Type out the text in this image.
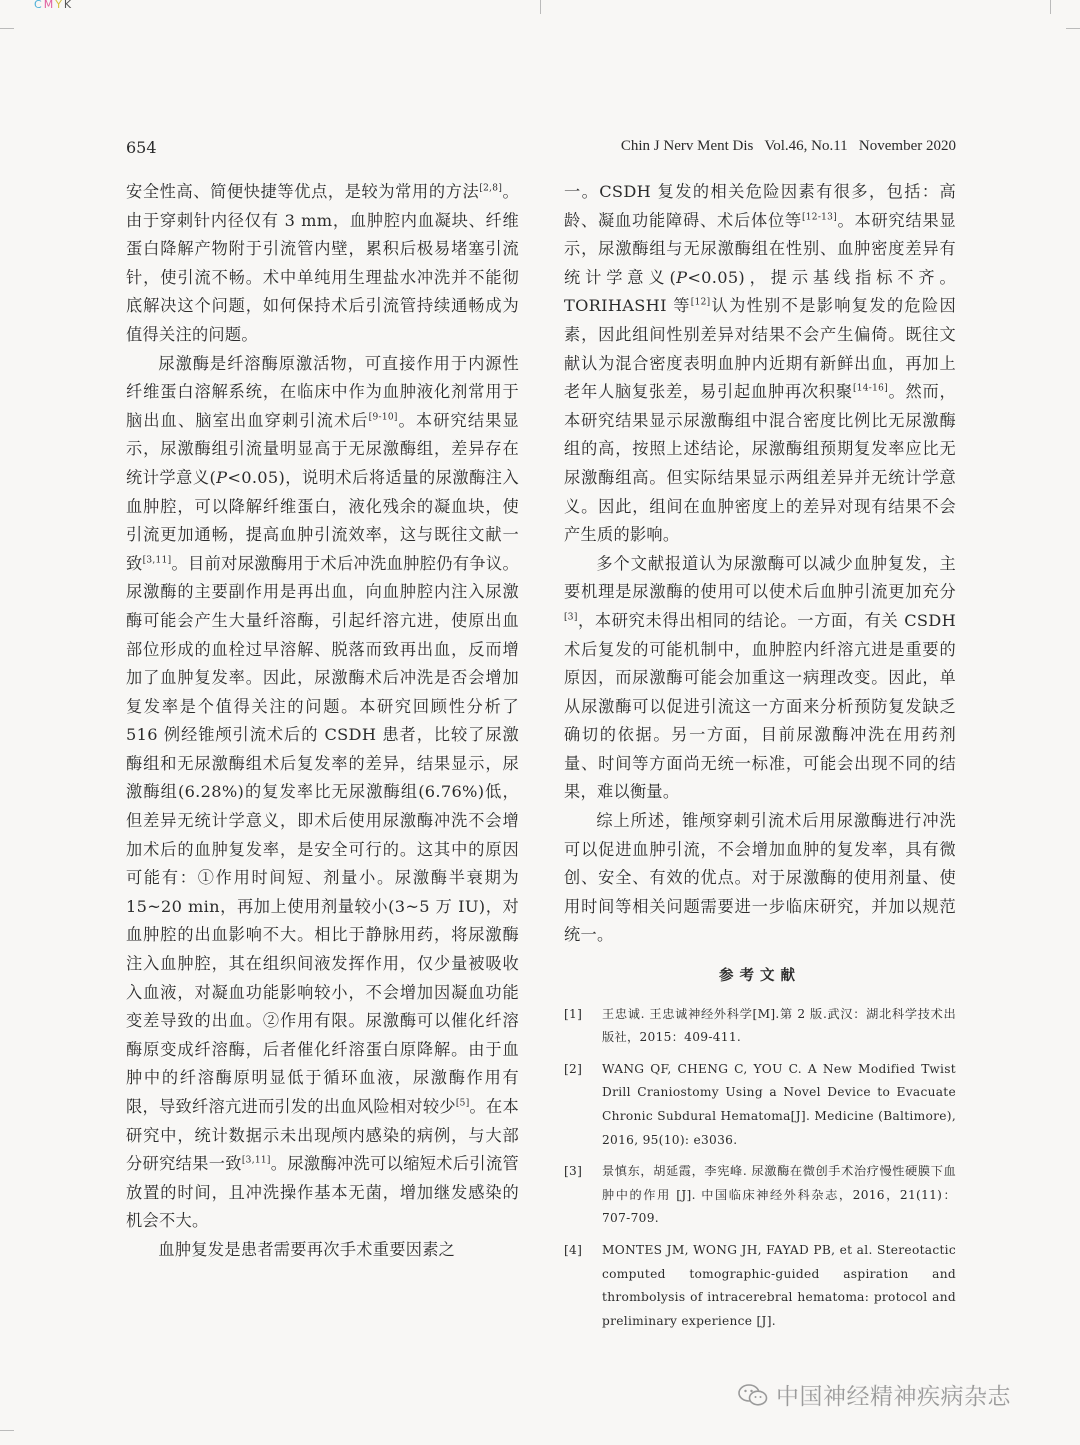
CMYK
654	Chin J Nerv Ment Dis   Vol.46, No.11   November 2020

安全性高、简便快捷等优点，是较为常用的方法[2,8]。由于穿刺针内径仅有 3 mm，血肿腔内血凝块、纤维蛋白降解产物附于引流管内壁，累积后极易堵塞引流针，使引流不畅。术中单纯用生理盐水冲洗并不能彻底解决这个问题，如何保持术后引流管持续通畅成为值得关注的问题。

尿激酶是纤溶酶原激活物，可直接作用于内源性纤维蛋白溶解系统，在临床中作为血肿液化剂常用于脑出血、脑室出血穿刺引流术后[9-10]。本研究结果显示，尿激酶组引流量明显高于无尿激酶组，差异存在统计学意义(P<0.05)，说明术后将适量的尿激酶注入血肿腔，可以降解纤维蛋白，液化残余的凝血块，使引流更加通畅，提高血肿引流效率，这与既往文献一致[3,11]。目前对尿激酶用于术后冲洗血肿腔仍有争议。尿激酶的主要副作用是再出血，向血肿腔内注入尿激酶可能会产生大量纤溶酶，引起纤溶亢进，使原出血部位形成的血栓过早溶解、脱落而致再出血，反而增加了血肿复发率。因此，尿激酶术后冲洗是否会增加复发率是个值得关注的问题。本研究回顾性分析了 516 例经锥颅引流术后的 CSDH 患者，比较了尿激酶组和无尿激酶组术后复发率的差异，结果显示，尿激酶组(6.28%)的复发率比无尿激酶组(6.76%)低，但差异无统计学意义，即术后使用尿激酶冲洗不会增加术后的血肿复发率，是安全可行的。这其中的原因可能有：①作用时间短、剂量小。尿激酶半衰期为 15~20 min，再加上使用剂量较小(3~5 万 IU)，对血肿腔的出血影响不大。相比于静脉用药，将尿激酶注入血肿腔，其在组织间液发挥作用，仅少量被吸收入血液，对凝血功能影响较小，不会增加因凝血功能变差导致的出血。②作用有限。尿激酶可以催化纤溶酶原变成纤溶酶，后者催化纤溶蛋白原降解。由于血肿中的纤溶酶原明显低于循环血液，尿激酶作用有限，导致纤溶亢进而引发的出血风险相对较少[5]。在本研究中，统计数据示未出现颅内感染的病例，与大部分研究结果一致[3,11]。尿激酶冲洗可以缩短术后引流管放置的时间，且冲洗操作基本无菌，增加继发感染的机会不大。

血肿复发是患者需要再次手术重要因素之

一。CSDH 复发的相关危险因素有很多，包括：高龄、凝血功能障碍、术后体位等[12-13]。本研究结果显示，尿激酶组与无尿激酶组在性别、血肿密度差异有统计学意义(P<0.05)，提示基线指标不齐。TORIHASHI 等[12]认为性别不是影响复发的危险因素，因此组间性别差异对结果不会产生偏倚。既往文献认为混合密度表明血肿内近期有新鲜出血，再加上老年人脑复张差，易引起血肿再次积聚[14-16]。然而，本研究结果显示尿激酶组中混合密度比例比无尿激酶组的高，按照上述结论，尿激酶组预期复发率应比无尿激酶组高。但实际结果显示两组差异并无统计学意义。因此，组间在血肿密度上的差异对现有结果不会产生质的影响。

多个文献报道认为尿激酶可以减少血肿复发，主要机理是尿激酶的使用可以使术后血肿引流更加充分[3]，本研究未得出相同的结论。一方面，有关 CSDH 术后复发的可能机制中，血肿腔内纤溶亢进是重要的原因，而尿激酶可能会加重这一病理改变。因此，单从尿激酶可以促进引流这一方面来分析预防复发缺乏确切的依据。另一方面，目前尿激酶冲洗在用药剂量、时间等方面尚无统一标准，可能会出现不同的结果，难以衡量。

综上所述，锥颅穿刺引流术后用尿激酶进行冲洗可以促进血肿引流，不会增加血肿的复发率，具有微创、安全、有效的优点。对于尿激酶的使用剂量、使用时间等相关问题需要进一步临床研究，并加以规范统一。

参考文献
[1] 王忠诚. 王忠诚神经外科学[M].第 2 版.武汉：湖北科学技术出版社，2015：409-411.
[2] WANG QF, CHENG C, YOU C. A New Modified Twist Drill Craniostomy Using a Novel Device to Evacuate Chronic Subdural Hematoma[J]. Medicine (Baltimore), 2016, 95(10): e3036.
[3] 景慎东，胡延霞，李宪峰. 尿激酶在微创手术治疗慢性硬膜下血肿中的作用 [J]. 中国临床神经外科杂志，2016，21(11)：707-709.
[4] MONTES JM, WONG JH, FAYAD PB, et al. Stereotactic computed tomographic-guided aspiration and thrombolysis of intracerebral hematoma: protocol and preliminary experience [J].
中国神经精神疾病杂志
